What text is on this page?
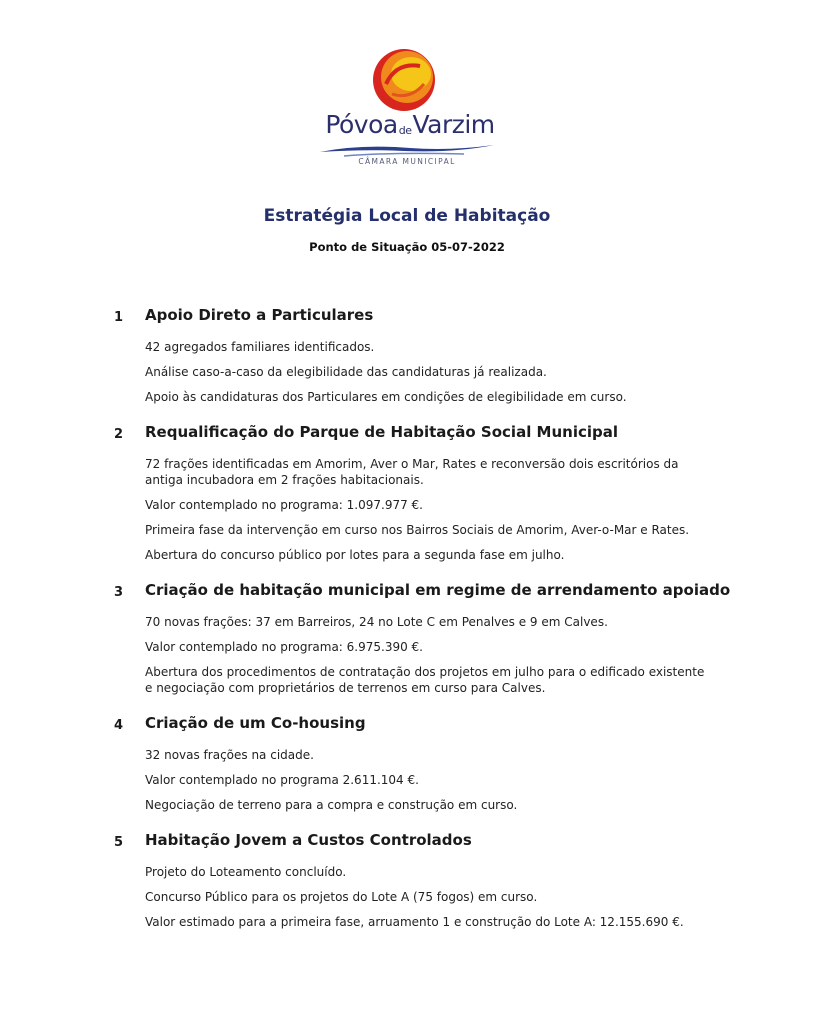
PóvoadeVarzim
CÂMARA MUNICIPAL
Estratégia Local de Habitação
Ponto de Situação 05-07-2022
1 Apoio Direto a Particulares

42 agregados familiares identificados.

Análise caso-a-caso da elegibilidade das candidaturas já realizada.

Apoio às candidaturas dos Particulares em condições de elegibilidade em curso.

2 Requalificação do Parque de Habitação Social Municipal

72 frações identificadas em Amorim, Aver o Mar, Rates e reconversão dois escritórios da antiga incubadora em 2 frações habitacionais.

Valor contemplado no programa: 1.097.977 €.

Primeira fase da intervenção em curso nos Bairros Sociais de Amorim, Aver-o-Mar e Rates.

Abertura do concurso público por lotes para a segunda fase em julho.

3 Criação de habitação municipal em regime de arrendamento apoiado

70 novas frações: 37 em Barreiros, 24 no Lote C em Penalves e 9 em Calves.

Valor contemplado no programa: 6.975.390 €.

Abertura dos procedimentos de contratação dos projetos em julho para o edificado existente e negociação com proprietários de terrenos em curso para Calves.

4 Criação de um Co-housing

32 novas frações na cidade.

Valor contemplado no programa 2.611.104 €.

Negociação de terreno para a compra e construção em curso.

5 Habitação Jovem a Custos Controlados

Projeto do Loteamento concluído.

Concurso Público para os projetos do Lote A (75 fogos) em curso.

Valor estimado para a primeira fase, arruamento 1 e construção do Lote A: 12.155.690 €.
